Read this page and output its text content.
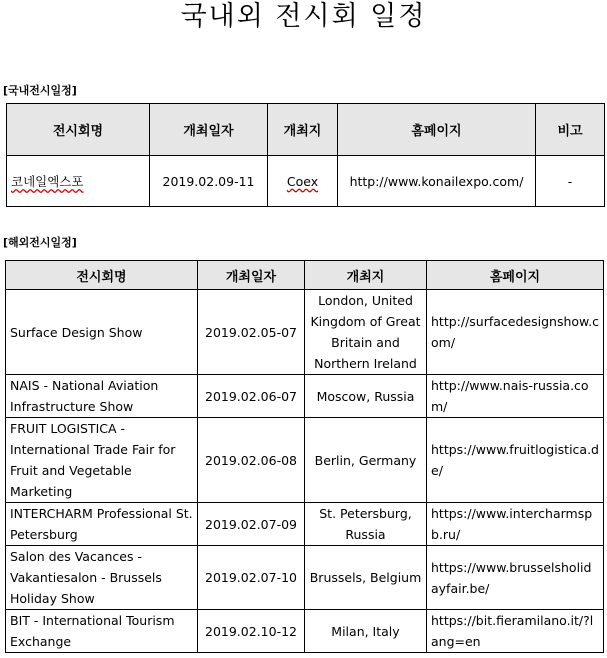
국내외 전시회 일정
[국내전시일정]
전시회명	개최일자	개최지	홈페이지	비고
코네일엑스포	2019.02.09-11	Coex	http://www.konailexpo.com/	-
[해외전시일정]
전시회명	개최일자	개최지	홈페이지
Surface Design Show	2019.02.05-07	London, United Kingdom of Great Britain and Northern Ireland	http://surfacedesignshow.com/
NAIS - National Aviation Infrastructure Show	2019.02.06-07	Moscow, Russia	http://www.nais-russia.com/
FRUIT LOGISTICA - International Trade Fair for Fruit and Vegetable Marketing	2019.02.06-08	Berlin, Germany	https://www.fruitlogistica.de/
INTERCHARM Professional St. Petersburg	2019.02.07-09	St. Petersburg, Russia	https://www.intercharmspb.ru/
Salon des Vacances - Vakantiesalon - Brussels Holiday Show	2019.02.07-10	Brussels, Belgium	https://www.brusselsholidayfair.be/
BIT - International Tourism Exchange	2019.02.10-12	Milan, Italy	https://bit.fieramilano.it/?lang=en
